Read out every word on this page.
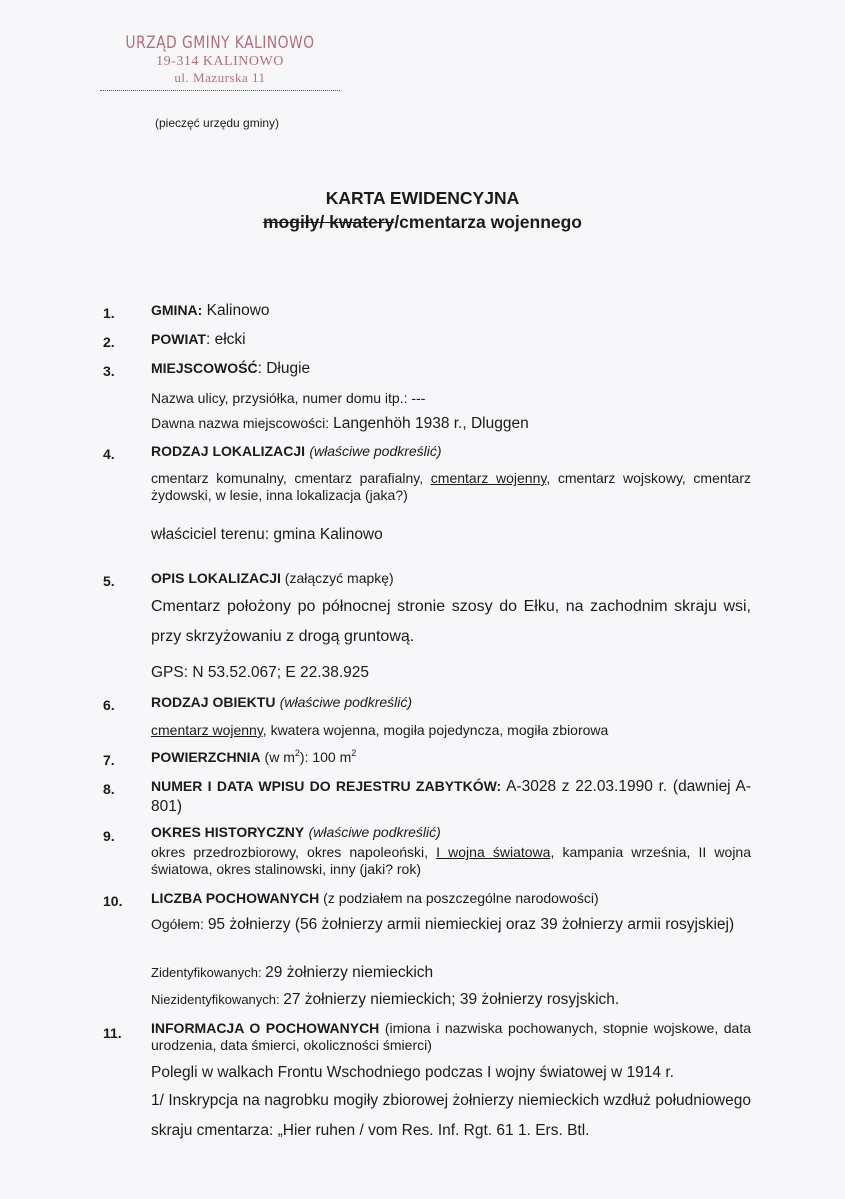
URZĄD GMINY KALINOWO
19-314 KALINOWO
ul. Mazurska 11
(pieczęć urzędu gminy)
KARTA EWIDENCYJNA
mogiły/ kwatery/cmentarza wojennego
1.	GMINA: Kalinowo
2.	POWIAT: ełcki
3.	MIEJSCOWOŚĆ: Długie
Nazwa ulicy, przysiółka, numer domu itp.: ---
Dawna nazwa miejscowości: Langenhöh 1938 r., Dluggen
4.	RODZAJ LOKALIZACJI (właściwe podkreślić)
cmentarz komunalny, cmentarz parafialny, cmentarz wojenny, cmentarz wojskowy, cmentarz żydowski, w lesie, inna lokalizacja (jaka?)
właściciel terenu: gmina Kalinowo
5.	OPIS LOKALIZACJI (załączyć mapkę)
Cmentarz położony po północnej stronie szosy do Ełku, na zachodnim skraju wsi, przy skrzyżowaniu z drogą gruntową.
GPS: N 53.52.067; E 22.38.925
6.	RODZAJ OBIEKTU (właściwe podkreślić)
cmentarz wojenny, kwatera wojenna, mogiła pojedyncza, mogiła zbiorowa
7.	POWIERZCHNIA (w $m^2$): 100 $m^2$
8.	NUMER I DATA WPISU DO REJESTRU ZABYTKÓW: A-3028 z 22.03.1990 r. (dawniej A-801)
9.	OKRES HISTORYCZNY (właściwe podkreślić)
okres przedrozbiorowy, okres napoleoński, I wojna światowa, kampania września, II wojna światowa, okres stalinowski, inny (jaki? rok)
10. LICZBA POCHOWANYCH (z podziałem na poszczególne narodowości)
Ogółem: 95 żołnierzy (56 żołnierzy armii niemieckiej oraz 39 żołnierzy armii rosyjskiej)
Zidentyfikowanych: 29 żołnierzy niemieckich
Niezidentyfikowanych: 27 żołnierzy niemieckich; 39 żołnierzy rosyjskich.
11. INFORMACJA O POCHOWANYCH (imiona i nazwiska pochowanych, stopnie wojskowe, data urodzenia, data śmierci, okoliczności śmierci)
Polegli w walkach Frontu Wschodniego podczas I wojny światowej w 1914 r.
1/ Inskrypcja na nagrobku mogiły zbiorowej żołnierzy niemieckich wzdłuż południowego skraju cmentarza: „Hier ruhen / vom Res. Inf. Rgt. 61 1. Ers. Btl.
